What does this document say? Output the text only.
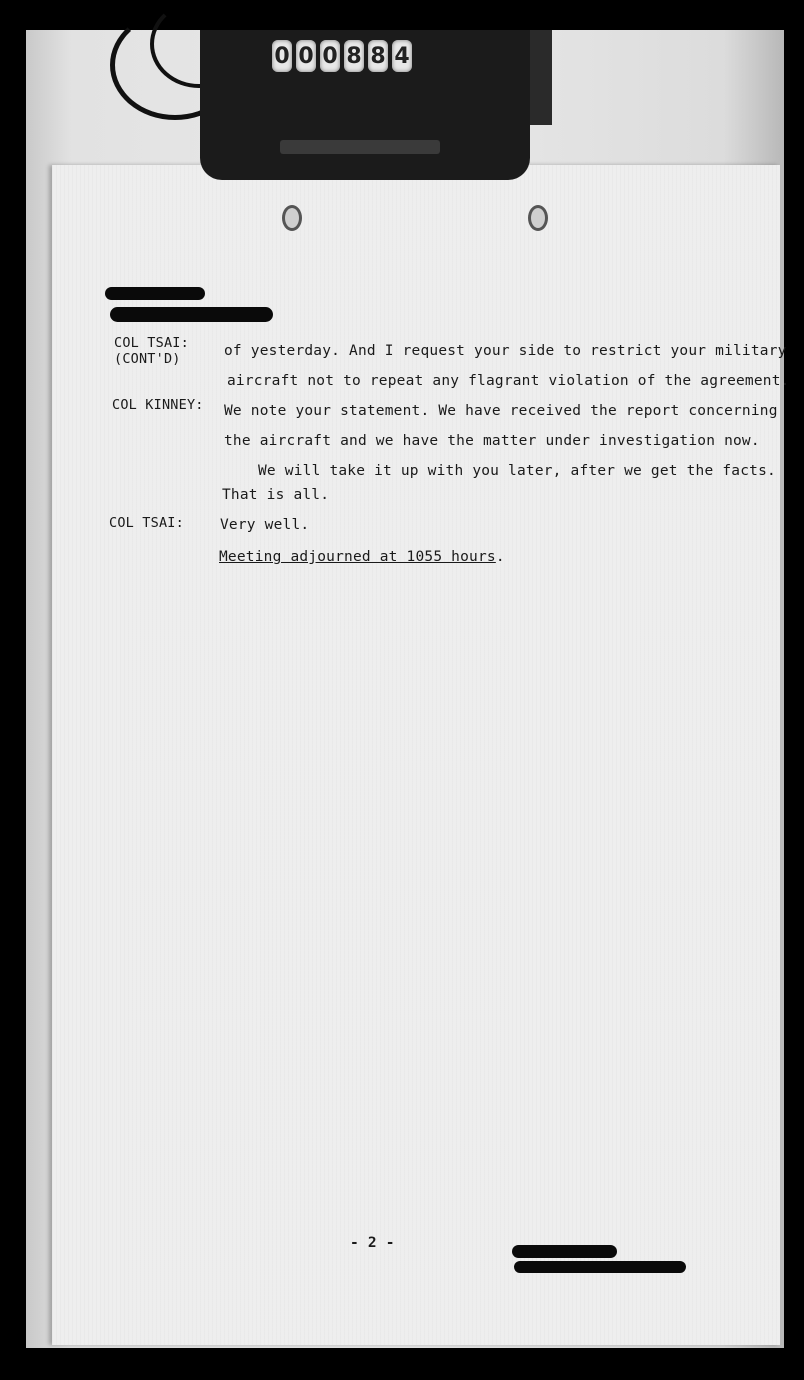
COL TSAI:
(CONT'D)
COL KINNEY:
COL TSAI:
of yesterday. And I request your side to restrict your military
aircraft not to repeat any flagrant violation of the agreement.
We note your statement. We have received the report concerning
the aircraft and we have the matter under investigation now.
We will take it up with you later, after we get the facts.
That is all.
Very well.
Meeting adjourned at 1055 hours.
- 2 -
0 0 0 8 8 4
